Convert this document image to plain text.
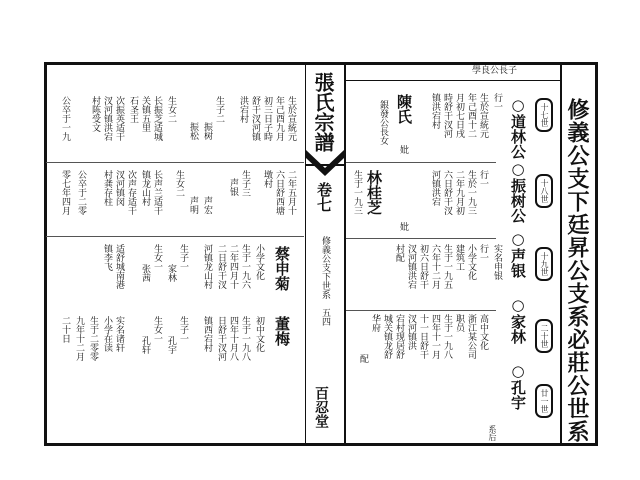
學良公長子
修義公支下廷昇公支系必莊公世系
十七世
十八世
十九世
二十世
廿一世
○道林公
○振树公
○声银
○家林
○孔宇
系后
行一
生於宣統元
年己酉十二
月初七日戌
時舒干汊河
镇洪宕村
妣
陳氏
銀發公長女
行一
生於一九三
二年九月初
六日舒干汊
河镇洪宕
妣
林桂芝
生于一九三
行一
小学文化
建筑工
生于一九五
六年十二月
初六日舒干
汊河镇洪宕
村配	实名申银
高中文化
浙江某公司
职员
生于一九八
四年十一月
十一日舒干
汊河镇洪
宕村现居舒
城关镇龙舒
华府
配
張氏宗譜
卷七
修義公支下世系　五四
百忍堂
生於宣統元
年己酉九月
初三日子時
舒干汊河镇
洪宕村
生子二
振树
振松
生女二
长振芝适城
关镇五里
石圣王
次振英适干
汊河镇洪宕
村陈受文
公卒于一九
二年五月十
六日舒西塘
墩村
生子三
声银
声宏
声明
生女二
长声兰适干
镇龙山村
次声存适干
汊河镇闵
村龚存柱
公卒于二零
零七年四月
蔡申菊
董梅
小学文化
生于一九六
二年四月十
二日舒干汊
河镇龙山村
生子一
家林
生女一
张茜
适舒城南港
镇李飞
初中文化
生于一九八
四年十月八
日舒干汊河
镇西宕村
生子一
孔宇
生女一
孔轩
实名诸轩
小学在读
生于二零零
九年十二月
二十日
